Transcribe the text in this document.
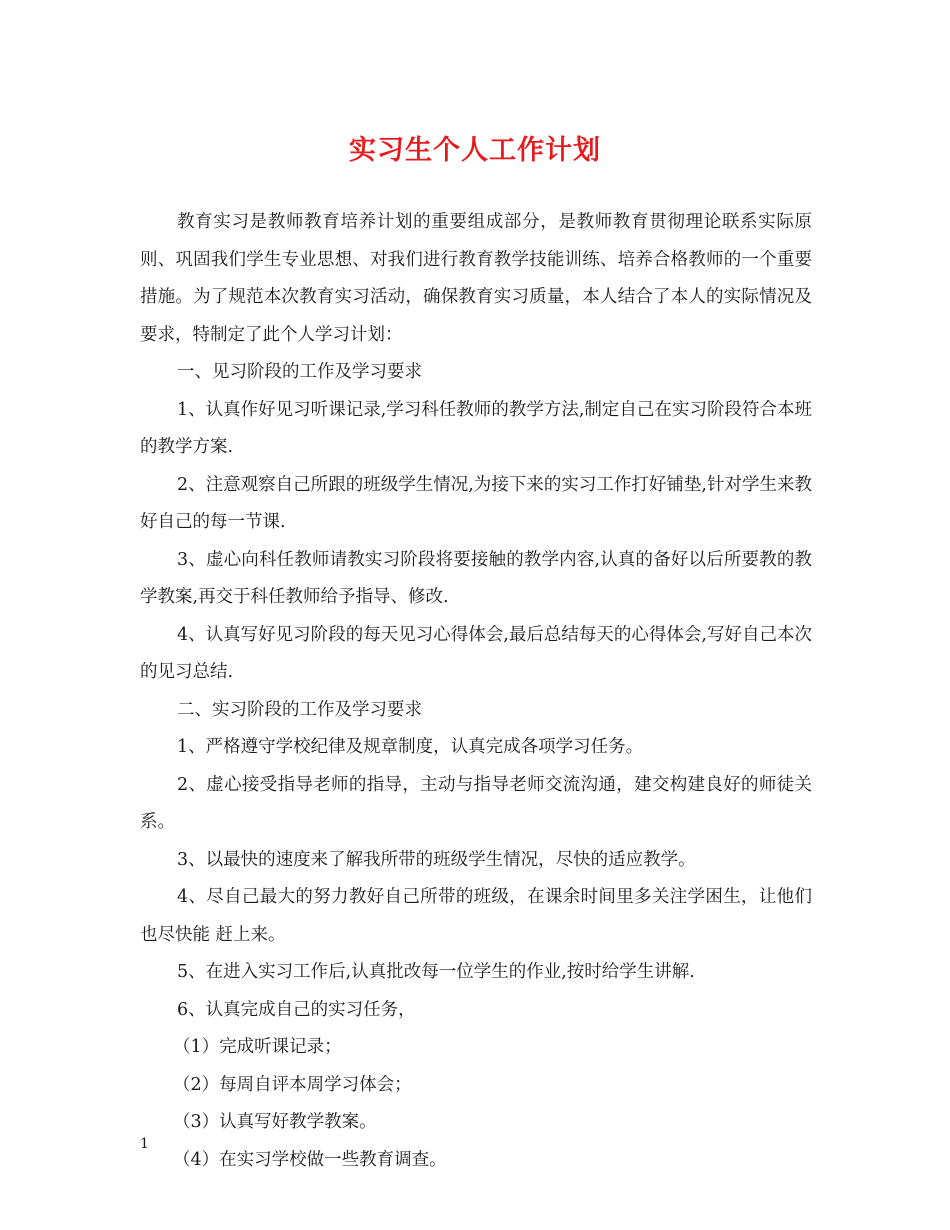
实习生个人工作计划

教育实习是教师教育培养计划的重要组成部分，是教师教育贯彻理论联系实际原则、巩固我们学生专业思想、对我们进行教育教学技能训练、培养合格教师的一个重要措施。为了规范本次教育实习活动，确保教育实习质量，本人结合了本人的实际情况及要求，特制定了此个人学习计划：

一、见习阶段的工作及学习要求

1、认真作好见习听课记录,学习科任教师的教学方法,制定自己在实习阶段符合本班的教学方案.

2、注意观察自己所跟的班级学生情况,为接下来的实习工作打好铺垫,针对学生来教好自己的每一节课.

3、虚心向科任教师请教实习阶段将要接触的教学内容,认真的备好以后所要教的教学教案,再交于科任教师给予指导、修改.

4、认真写好见习阶段的每天见习心得体会,最后总结每天的心得体会,写好自己本次的见习总结.

二、实习阶段的工作及学习要求

1、严格遵守学校纪律及规章制度，认真完成各项学习任务。

2、虚心接受指导老师的指导，主动与指导老师交流沟通，建交构建良好的师徒关系。

3、以最快的速度来了解我所带的班级学生情况，尽快的适应教学。

4、尽自己最大的努力教好自己所带的班级，在课余时间里多关注学困生，让他们也尽快能 赶上来。

5、在进入实习工作后,认真批改每一位学生的作业,按时给学生讲解.

6、认真完成自己的实习任务，

（1）完成听课记录；

（2）每周自评本周学习体会；

（3）认真写好教学教案。

（4）在实习学校做一些教育调查。

1
